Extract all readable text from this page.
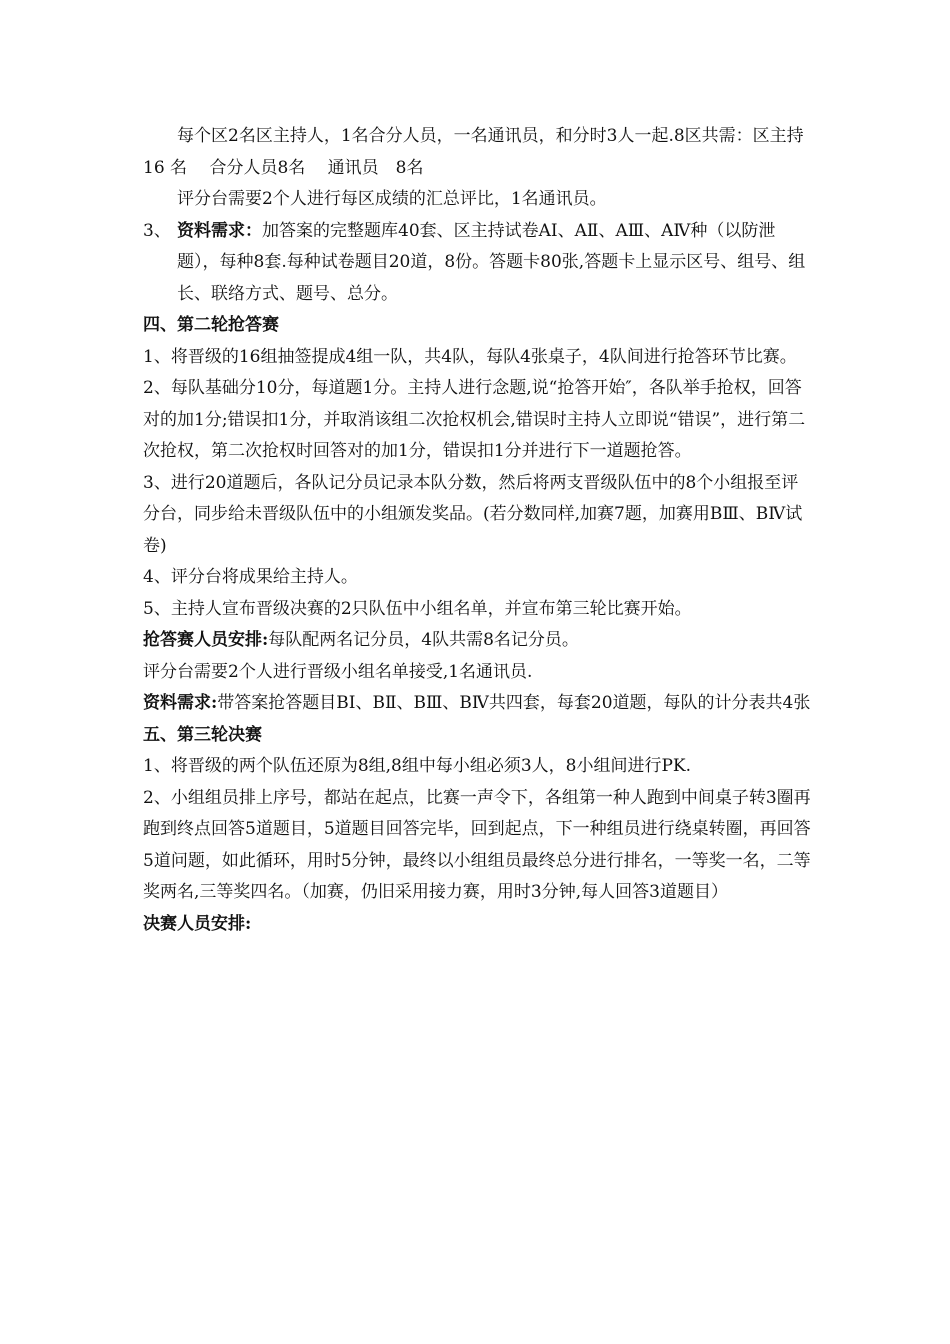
每个区2名区主持人，1名合分人员，一名通讯员，和分时3人一起.8区共需：区主持 16 名　 合分人员8名　 通讯员　8名

评分台需要2个人进行每区成绩的汇总评比，1名通讯员。

3、 资料需求：加答案的完整题库40套、区主持试卷AⅠ、AⅡ、AⅢ、AⅣ种（以防泄题），每种8套.每种试卷题目20道，8份。答题卡80张,答题卡上显示区号、组号、组长、联络方式、题号、总分。

四、第二轮抢答赛

1、将晋级的16组抽签提成4组一队，共4队，每队4张桌子，4队间进行抢答环节比赛。

2、每队基础分10分，每道题1分。主持人进行念题,说“抢答开始″，各队举手抢权，回答对的加1分;错误扣1分，并取消该组二次抢权机会,错误时主持人立即说“错误”，进行第二次抢权，第二次抢权时回答对的加1分，错误扣1分并进行下一道题抢答。

3、进行20道题后，各队记分员记录本队分数，然后将两支晋级队伍中的8个小组报至评分台，同步给未晋级队伍中的小组颁发奖品。(若分数同样,加赛7题，加赛用BⅢ、BⅣ试卷)

4、评分台将成果给主持人。

5、主持人宣布晋级决赛的2只队伍中小组名单，并宣布第三轮比赛开始。

抢答赛人员安排:每队配两名记分员，4队共需8名记分员。

评分台需要2个人进行晋级小组名单接受,1名通讯员.

资料需求:带答案抢答题目BⅠ、BⅡ、BⅢ、BⅣ共四套，每套20道题，每队的计分表共4张

五、第三轮决赛

1、将晋级的两个队伍还原为8组,8组中每小组必须3人，8小组间进行PK.

2、小组组员排上序号，都站在起点，比赛一声令下，各组第一种人跑到中间桌子转3圈再跑到终点回答5道题目，5道题目回答完毕，回到起点，下一种组员进行绕桌转圈，再回答5道问题，如此循环，用时5分钟，最终以小组组员最终总分进行排名，一等奖一名，二等奖两名,三等奖四名。（加赛，仍旧采用接力赛，用时3分钟,每人回答3道题目）

决赛人员安排:
